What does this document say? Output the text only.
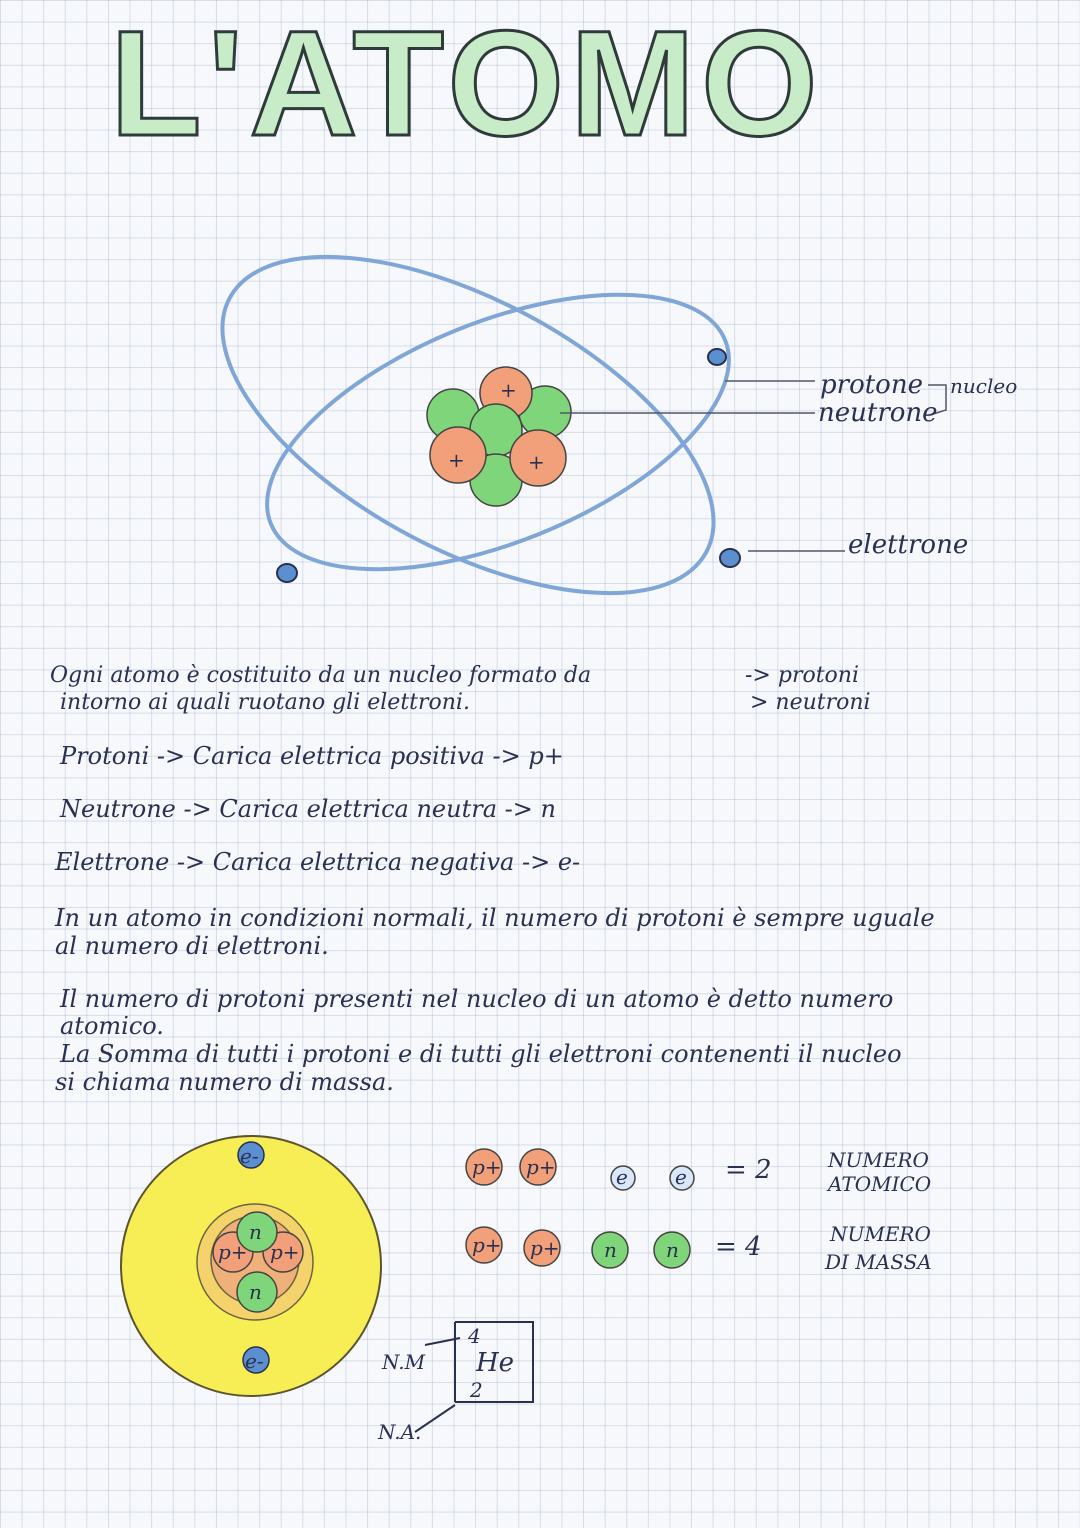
L'ATOMO
protone
neutrone
nucleo
elettrone
+
+	+
Ogni atomo è costituito da un nucleo formato da
intorno ai quali ruotano gli elettroni.
-> protoni
> neutroni
Protoni -> Carica elettrica positiva -> p+
Neutrone -> Carica elettrica neutra -> n
Elettrone -> Carica elettrica negativa -> e-
In un atomo in condizioni normali, il numero di protoni è sempre uguale
al numero di elettroni.
Il numero di protoni presenti nel nucleo di un atomo è detto numero
atomico.
La Somma di tutti i protoni e di tutti gli elettroni contenenti il nucleo
si chiama numero di massa.
e-
e-
n
n
p+ p+
p+ p+	e e = 2	NUMERO
ATOMICO
p+ p+ n n = 4	NUMERO
DI MASSA
He
4
2
N.M
N.A.
